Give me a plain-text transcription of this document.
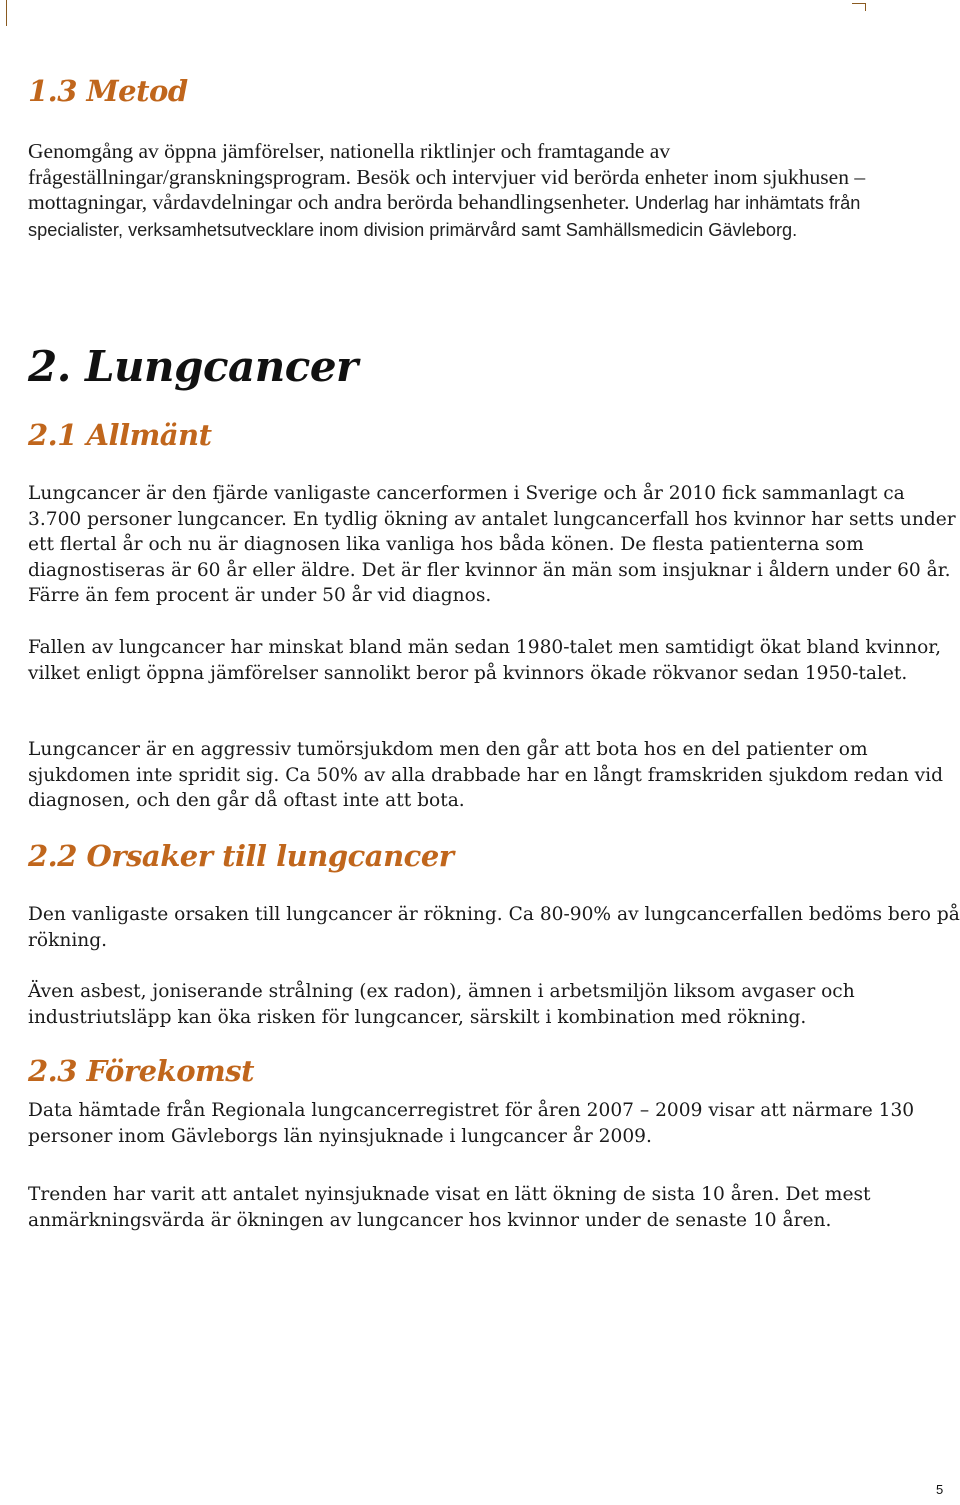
1.3 Metod
Genomgång av öppna jämförelser, nationella riktlinjer och framtagande av frågeställningar/granskningsprogram. Besök och intervjuer vid berörda enheter inom sjukhusen – mottagningar, vårdavdelningar och andra berörda behandlingsenheter. Underlag har inhämtats från specialister, verksamhetsutvecklare inom division primärvård samt Samhällsmedicin Gävleborg.
2. Lungcancer
2.1 Allmänt

Lungcancer är den fjärde vanligaste cancerformen i Sverige och år 2010 fick sammanlagt ca 3.700 personer lungcancer. En tydlig ökning av antalet lungcancerfall hos kvinnor har setts under ett flertal år och nu är diagnosen lika vanliga hos båda könen. De flesta patienterna som diagnostiseras är 60 år eller äldre. Det är fler kvinnor än män som insjuknar i åldern under 60 år. Färre än fem procent är under 50 år vid diagnos.

Fallen av lungcancer har minskat bland män sedan 1980-talet men samtidigt ökat bland kvinnor, vilket enligt öppna jämförelser sannolikt beror på kvinnors ökade rökvanor sedan 1950-talet.

Lungcancer är en aggressiv tumörsjukdom men den går att bota hos en del patienter om sjukdomen inte spridit sig. Ca 50% av alla drabbade har en långt framskriden sjukdom redan vid diagnosen, och den går då oftast inte att bota.

2.2 Orsaker till lungcancer

Den vanligaste orsaken till lungcancer är rökning. Ca 80-90% av lungcancerfallen bedöms bero på rökning.

Även asbest, joniserande strålning (ex radon), ämnen i arbetsmiljön liksom avgaser och industriutsläpp kan öka risken för lungcancer, särskilt i kombination med rökning.

2.3 Förekomst

Data hämtade från Regionala lungcancerregistret för åren 2007 – 2009 visar att närmare 130 personer inom Gävleborgs län nyinsjuknade i lungcancer år 2009.

Trenden har varit att antalet nyinsjuknade visat en lätt ökning de sista 10 åren. Det mest anmärkningsvärda är ökningen av lungcancer hos kvinnor under de senaste 10 åren.

5
